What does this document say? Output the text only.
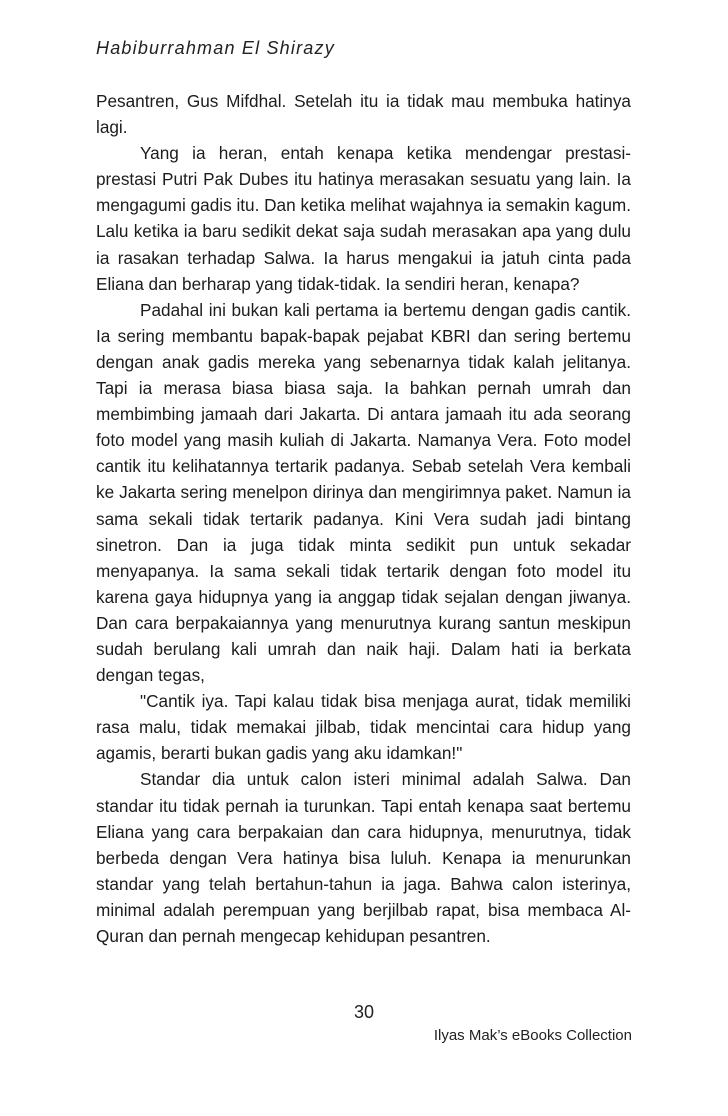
Habiburrahman El Shirazy

Pesantren, Gus Mifdhal. Setelah itu ia tidak mau membuka hatinya lagi.

Yang ia heran, entah kenapa ketika mendengar prestasi-prestasi Putri Pak Dubes itu hatinya merasakan sesuatu yang lain. Ia mengagumi gadis itu. Dan ketika melihat wajahnya ia semakin kagum. Lalu ketika ia baru sedikit dekat saja sudah merasakan apa yang dulu ia rasakan terhadap Salwa. Ia harus mengakui ia jatuh cinta pada Eliana dan berharap yang tidak-tidak. Ia sendiri heran, kenapa?

Padahal ini bukan kali pertama ia bertemu dengan gadis cantik. Ia sering membantu bapak-bapak pejabat KBRI dan sering bertemu dengan anak gadis mereka yang sebenarnya tidak kalah jelitanya. Tapi ia merasa biasa biasa saja. Ia bahkan pernah umrah dan membimbing jamaah dari Jakarta. Di antara jamaah itu ada seorang foto model yang masih kuliah di Jakarta. Namanya Vera. Foto model cantik itu kelihatannya tertarik padanya. Sebab setelah Vera kembali ke Jakarta sering menelpon dirinya dan mengirimnya paket. Namun ia sama sekali tidak tertarik padanya. Kini Vera sudah jadi bintang sinetron. Dan ia juga tidak minta sedikit pun untuk sekadar menyapanya. Ia sama sekali tidak tertarik dengan foto model itu karena gaya hidupnya yang ia anggap tidak sejalan dengan jiwanya. Dan cara berpakaiannya yang menurutnya kurang santun meskipun sudah berulang kali umrah dan naik haji. Dalam hati ia berkata dengan tegas,

"Cantik iya. Tapi kalau tidak bisa menjaga aurat, tidak memiliki rasa malu, tidak memakai jilbab, tidak mencintai cara hidup yang agamis, berarti bukan gadis yang aku idamkan!"

Standar dia untuk calon isteri minimal adalah Salwa. Dan standar itu tidak pernah ia turunkan. Tapi entah kenapa saat bertemu Eliana yang cara berpakaian dan cara hidupnya, menurutnya, tidak berbeda dengan Vera hatinya bisa luluh. Kenapa ia menurunkan standar yang telah bertahun-tahun ia jaga. Bahwa calon isterinya, minimal adalah perempuan yang berjilbab rapat, bisa membaca Al-Quran dan pernah mengecap kehidupan pesantren.

30
Ilyas Mak’s eBooks Collection
